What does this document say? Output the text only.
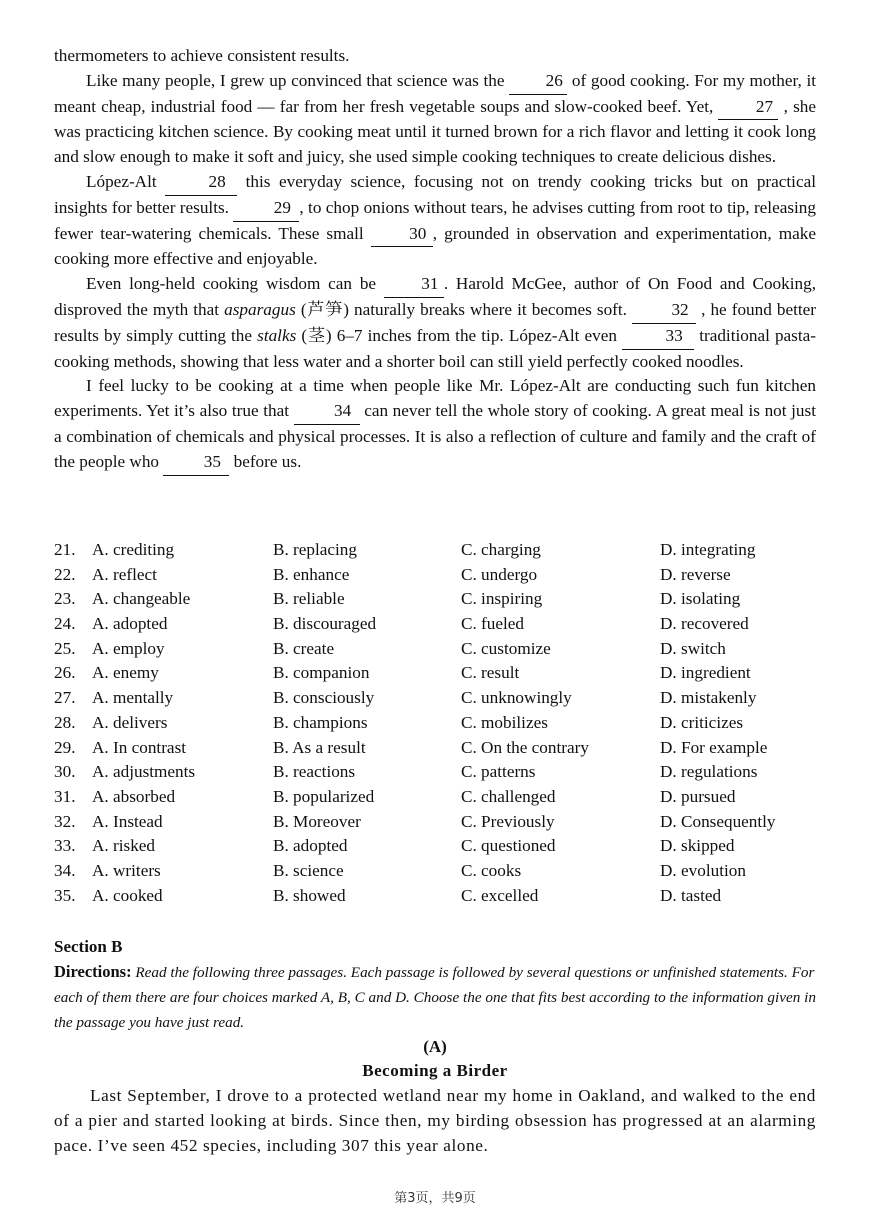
thermometers to achieve consistent results.

Like many people, I grew up convinced that science was the 26 of good cooking. For my mother, it meant cheap, industrial food — far from her fresh vegetable soups and slow-cooked beef. Yet, 27 , she was practicing kitchen science. By cooking meat until it turned brown for a rich flavor and letting it cook long and slow enough to make it soft and juicy, she used simple cooking techniques to create delicious dishes.

López-Alt	28 this everyday science, focusing not on trendy cooking tricks but on practical insights for better results. 29 , to chop onions without tears, he advises cutting from root to tip, releasing fewer tear-watering chemicals. These small 30 , grounded in observation and experimentation, make cooking more effective and enjoyable.

Even long-held cooking wisdom can be 31 . Harold McGee, author of On Food and Cooking, disproved the myth that asparagus (芦笋) naturally breaks where it becomes soft. 32 , he found better results by simply cutting the stalks (茎) 6–7 inches from the tip. López-Alt even	33 traditional pasta-cooking methods, showing that less water and a shorter boil can still yield perfectly cooked noodles.

I feel lucky to be cooking at a time when people like Mr. López-Alt are conducting such fun kitchen experiments. Yet it’s also true that 34 can never tell the whole story of cooking. A great meal is not just a combination of chemicals and physical processes. It is also a reflection of culture and family and the craft of the people who 35 before us.

21. A. crediting	B. replacing	C. charging	D. integrating
22. A. reflect	B. enhance	C. undergo	D. reverse
23. A. changeable	B. reliable	C. inspiring	D. isolating
24. A. adopted	B. discouraged	C. fueled	D. recovered
25. A. employ	B. create	C. customize	D. switch
26. A. enemy	B. companion	C. result	D. ingredient
27. A. mentally	B. consciously	C. unknowingly	D. mistakenly
28. A. delivers	B. champions	C. mobilizes	D. criticizes
29. A. In contrast	B. As a result	C. On the contrary	D. For example
30. A. adjustments	B. reactions	C. patterns	D. regulations
31. A. absorbed	B. popularized	C. challenged	D. pursued
32. A. Instead	B. Moreover	C. Previously	D. Consequently
33. A. risked	B. adopted	C. questioned	D. skipped
34. A. writers	B. science	C. cooks	D. evolution
35. A. cooked	B. showed	C. excelled	D. tasted
Section B
Directions: Read the following three passages. Each passage is followed by several questions or unfinished statements. For each of them there are four choices marked A, B, C and D. Choose the one that fits best according to the information given in the passage you have just read.
(A)
Becoming a Birder

Last September, I drove to a protected wetland near my home in Oakland, and walked to the end of a pier and started looking at birds. Since then, my birding obsession has progressed at an alarming pace. I’ve seen 452 species, including 307 this year alone.

第3页，共9页
